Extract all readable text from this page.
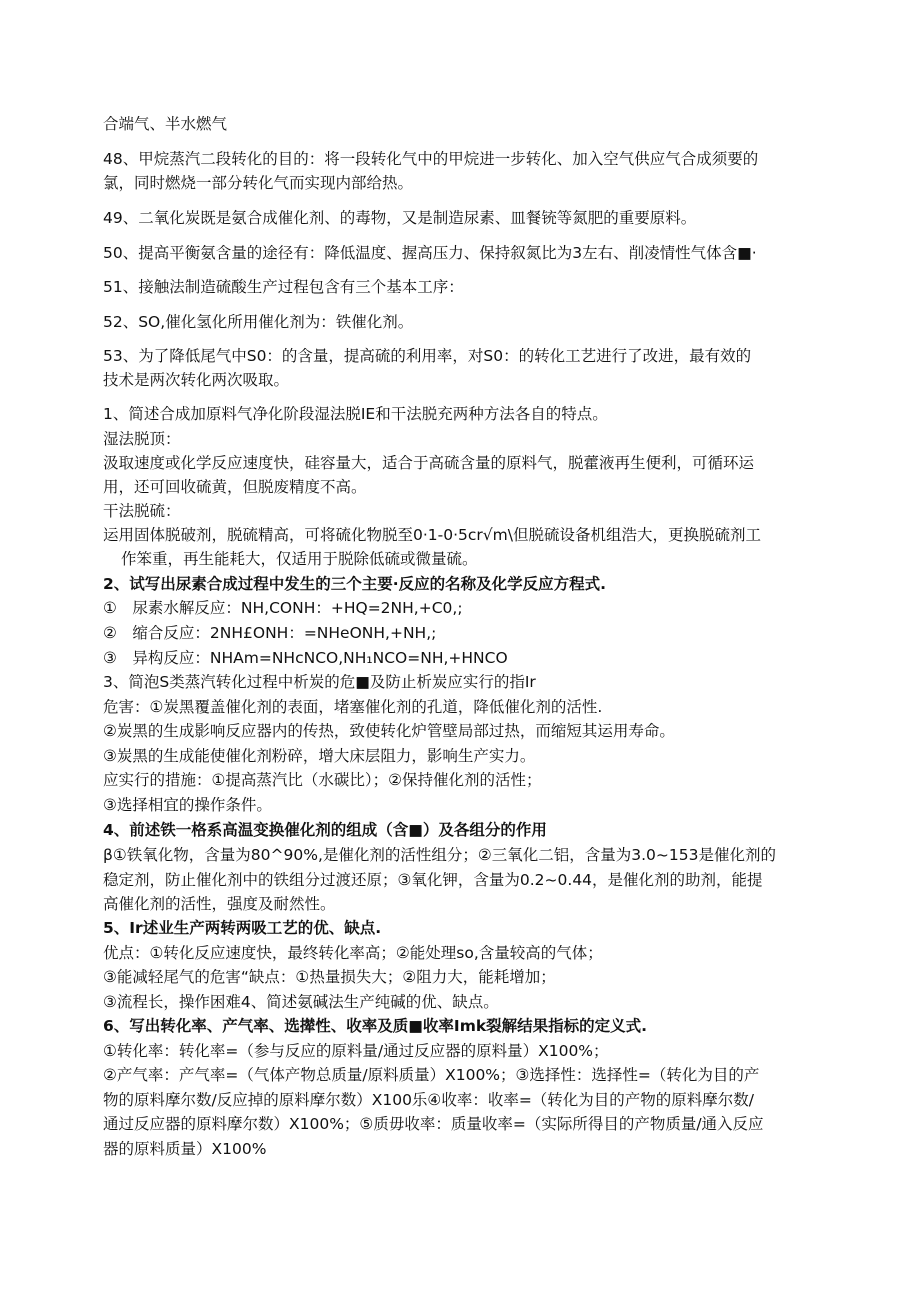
合端气、半水燃气
48、甲烷蒸汽二段转化的目的：将一段转化气中的甲烷进一步转化、加入空气供应气合成须要的
氯，同时燃烧一部分转化气而实现内部给热。
49、二氧化炭既是氨合成催化剂、的毒物，又是制造尿素、皿餐铳等氮肥的重要原料。
50、提高平衡氨含量的途径有：降低温度、握高压力、保持叙氮比为3左右、削凌情性气体含■·
51、接触法制造硫酸生产过程包含有三个基本工序：
52、SO,催化氢化所用催化剂为：铁催化剂。
53、为了降低尾气中S0：的含量，提高硫的利用率，对S0：的转化工艺进行了改进，最有效的
技术是两次转化两次吸取。
1、简述合成加原料气净化阶段湿法脱IE和干法脱充两种方法各自的特点。
湿法脱顶：
汲取速度或化学反应速度快，硅容量大，适合于高硫含量的原料气，脱藿液再生便利，可循环运
用，还可回收硫黄，但脱废精度不高。
干法脱硫：
运用固体脱破剂，脱硫精高，可将硫化物脱至0·1-0·5cr√m\但脱硫设备机组浩大，更换脱硫剂工
作笨重，再生能耗大，仅适用于脱除低硫或微量硫。
2、试写出尿素合成过程中发生的三个主要·反应的名称及化学反应方程式.
①　尿素水解反应：NH,CONH：+HQ=2NH,+C0,;
②　缩合反应：2NH£ONH：=NHeONH,+NH,;
③　异构反应：NHAm=NHcNCO,NH₁NCO=NH,+HNCO
3、简泡S类蒸汽转化过程中析炭的危■及防止析炭应实行的指Ir
危害：①炭黑覆盖催化剂的表面，堵塞催化剂的孔道，降低催化剂的活性.
②炭黑的生成影响反应器内的传热，致使转化炉管壁局部过热，而缩短其运用寿命。
③炭黑的生成能使催化剂粉碎，增大床层阻力，影响生产实力。
应实行的措施：①提高蒸汽比（水碳比）；②保持催化剂的活性；
③选择相宜的操作条件。
4、前述铁一格系高温变换催化剂的组成（含■）及各组分的作用
β①铁氧化物，含量为80^90%,是催化剂的活性组分；②三氧化二铝，含量为3.0~153是催化剂的
稳定剂，防止催化剂中的铁组分过渡还原；③氧化钾，含量为0.2~0.44，是催化剂的助剂，能提
高催化剂的活性，强度及耐然性。
5、Ir述业生产两转两吸工艺的优、缺点.
优点：①转化反应速度快，最终转化率高；②能处理so,含量较高的气体；
③能减轻尾气的危害“缺点：①热量损失大；②阻力大，能耗增加；
③流程长，操作困难4、简述氨碱法生产纯碱的优、缺点。
6、写出转化率、产气率、选撵性、收率及质■收率Imk裂解结果指标的定义式.
①转化率：转化率=（参与反应的原料量/通过反应器的原料量）X100%；
②产气率：产气率=（气体产物总质量/原料质量）X100%；③选择性：选择性=（转化为目的产
物的原料摩尔数/反应掉的原料摩尔数）X100乐④收率：收率=（转化为目的产物的原料摩尔数/
通过反应器的原料摩尔数）X100%；⑤质毋收率：质量收率=（实际所得目的产物质量/通入反应
器的原料质量）X100%
